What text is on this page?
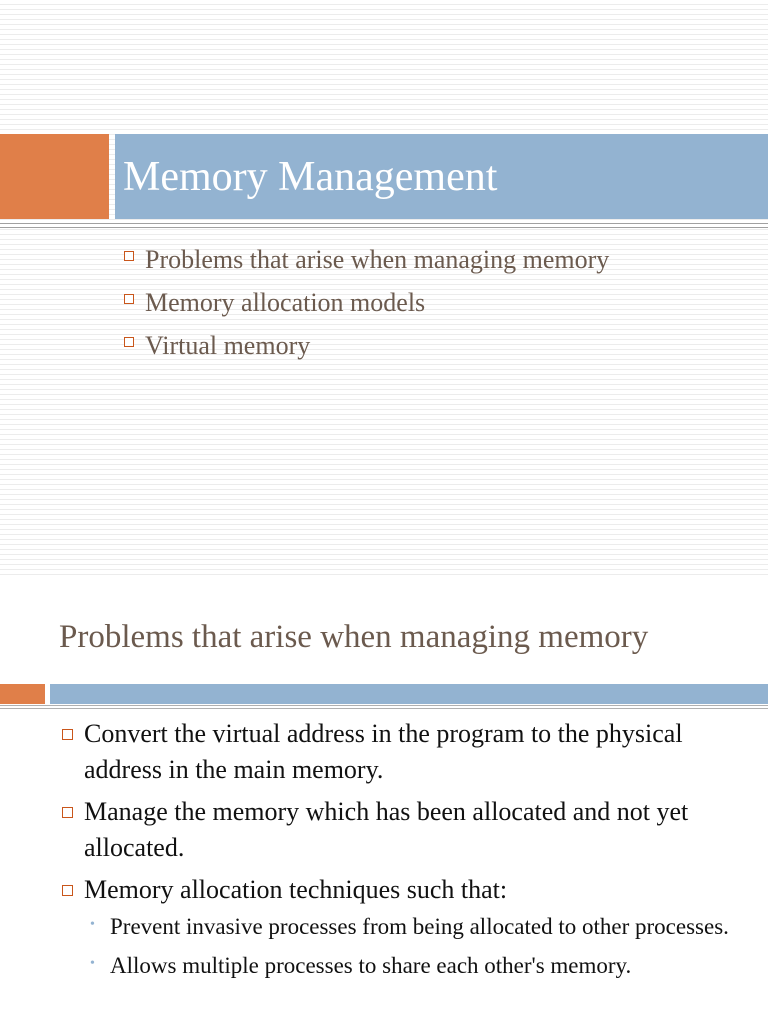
Memory Management
Problems that arise when managing memory
Memory allocation models
Virtual memory
Problems that arise when managing memory
Convert the virtual address in the program to the physical address in the main memory.
Manage the memory which has been allocated and not yet allocated.
Memory allocation techniques such that:
• Prevent invasive processes from being allocated to other processes.
• Allows multiple processes to share each other's memory.
